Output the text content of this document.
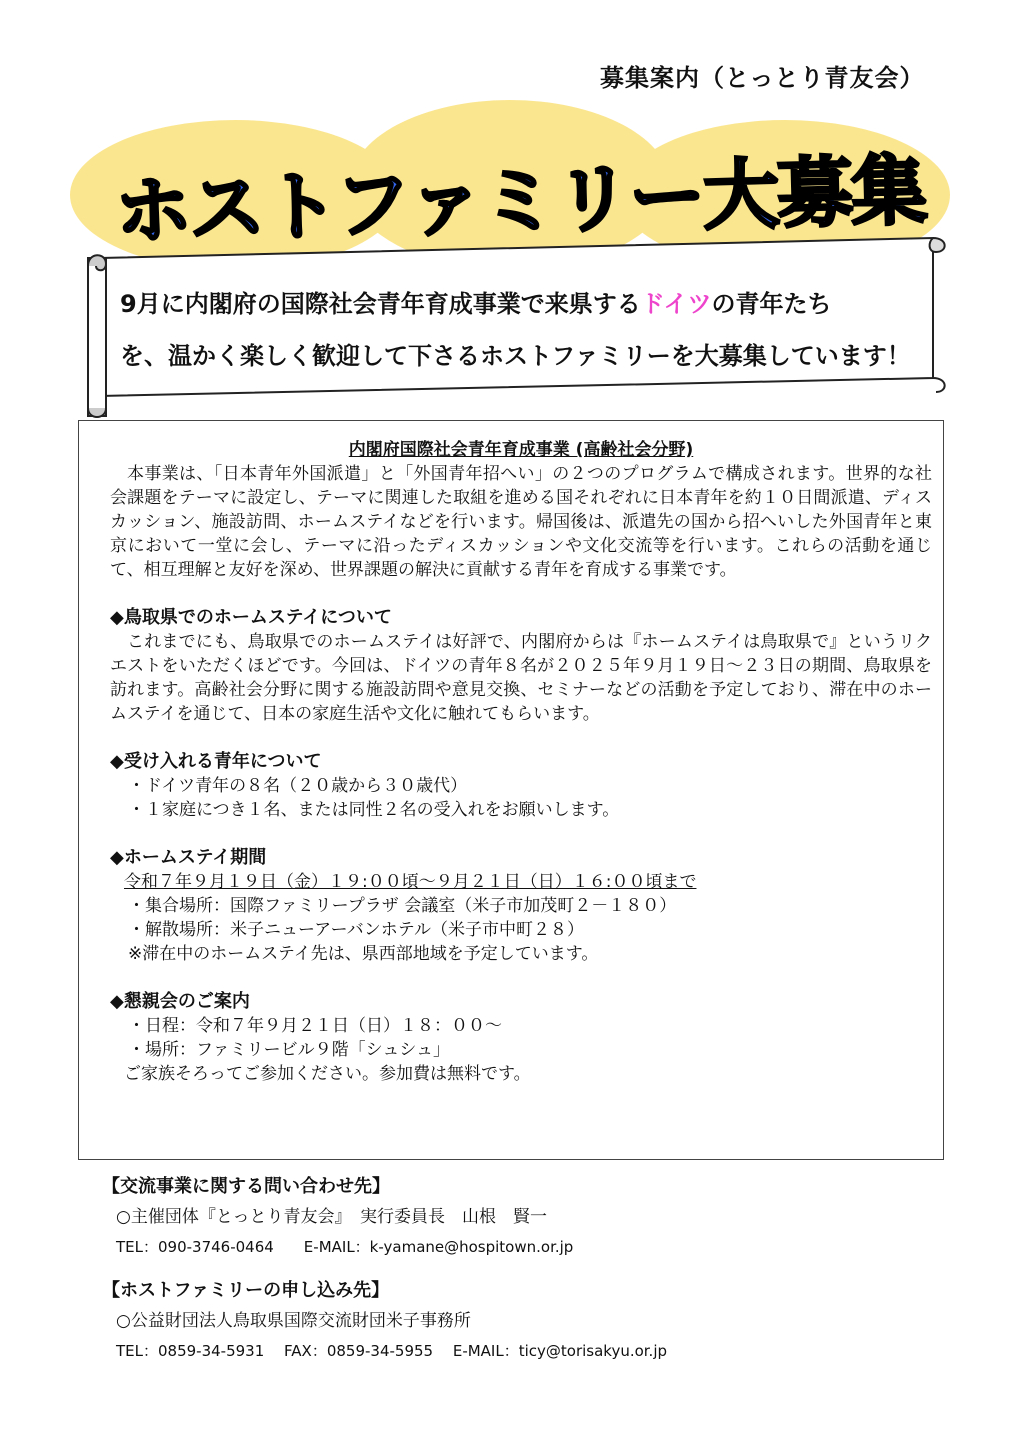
募集案内（とっとり青友会）
ホストファミリー大募集
9月に内閣府の国際社会青年育成事業で来県するドイツの青年たち
を、温かく楽しく歓迎して下さるホストファミリーを大募集しています！
内閣府国際社会青年育成事業 (高齢社会分野)

本事業は、「日本青年外国派遣」と「外国青年招へい」の２つのプログラムで構成されます。世界的な社会課題をテーマに設定し、テーマに関連した取組を進める国それぞれに日本青年を約１０日間派遣、ディスカッション、施設訪問、ホームステイなどを行います。帰国後は、派遣先の国から招へいした外国青年と東京において一堂に会し、テーマに沿ったディスカッションや文化交流等を行います。これらの活動を通じて、相互理解と友好を深め、世界課題の解決に貢献する青年を育成する事業です。

◆鳥取県でのホームステイについて

これまでにも、鳥取県でのホームステイは好評で、内閣府からは『ホームステイは鳥取県で』というリクエストをいただくほどです。今回は、ドイツの青年８名が２０２５年９月１９日～２３日の期間、鳥取県を訪れます。高齢社会分野に関する施設訪問や意見交換、セミナーなどの活動を予定しており、滞在中のホームステイを通じて、日本の家庭生活や文化に触れてもらいます。

◆受け入れる青年について
・ドイツ青年の８名（２０歳から３０歳代）
・１家庭につき１名、または同性２名の受入れをお願いします。
◆ホームステイ期間
令和７年９月１９日（金）１９:００頃～９月２１日（日）１６:００頃まで
・集合場所：国際ファミリープラザ 会議室（米子市加茂町２－１８０）
・解散場所：米子ニューアーバンホテル（米子市中町２８）
※滞在中のホームステイ先は、県西部地域を予定しています。
◆懇親会のご案内
・日程：令和７年９月２１日（日）１８：００～
・場所：ファミリービル９階「シュシュ」
ご家族そろってご参加ください。参加費は無料です。
【交流事業に関する問い合わせ先】
○主催団体『とっとり青友会』　実行委員長　山根　賢一
TEL：090-3746-0464　　E-MAIL：k-yamane@hospitown.or.jp
【ホストファミリーの申し込み先】
○公益財団法人鳥取県国際交流財団米子事務所
TEL：0859-34-5931　 FAX：0859-34-5955　 E-MAIL：ticy@torisakyu.or.jp
